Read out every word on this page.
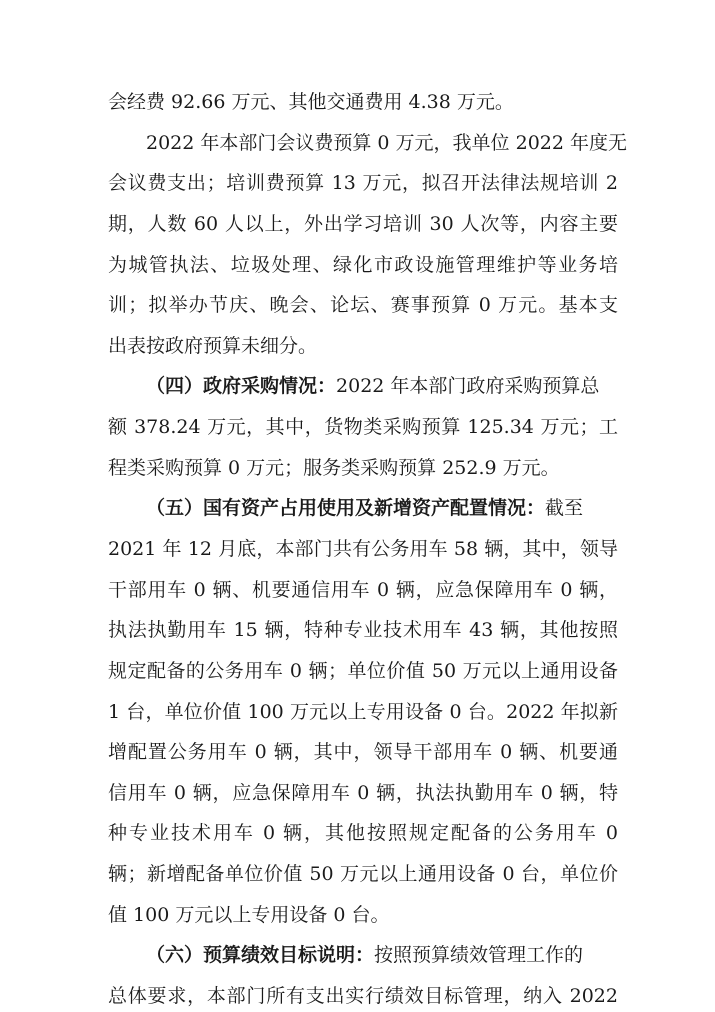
会经费 92.66 万元、其他交通费用 4.38 万元。
2022 年本部门会议费预算 0 万元，我单位 2022 年度无
会议费支出；培训费预算 13 万元，拟召开法律法规培训 2
期，人数 60 人以上，外出学习培训 30 人次等，内容主要
为城管执法、垃圾处理、绿化市政设施管理维护等业务培
训；拟举办节庆、晚会、论坛、赛事预算 0 万元。基本支
出表按政府预算未细分。
（四）政府采购情况：2022 年本部门政府采购预算总
额 378.24 万元，其中，货物类采购预算 125.34 万元；工
程类采购预算 0 万元；服务类采购预算 252.9 万元。
（五）国有资产占用使用及新增资产配置情况：截至
2021 年 12 月底，本部门共有公务用车 58 辆，其中，领导
干部用车 0 辆、机要通信用车 0 辆，应急保障用车 0 辆，
执法执勤用车 15 辆，特种专业技术用车 43 辆，其他按照
规定配备的公务用车 0 辆；单位价值 50 万元以上通用设备
1 台，单位价值 100 万元以上专用设备 0 台。2022 年拟新
增配置公务用车 0 辆，其中，领导干部用车 0 辆、机要通
信用车 0 辆，应急保障用车 0 辆，执法执勤用车 0 辆，特
种专业技术用车 0 辆，其他按照规定配备的公务用车 0
辆；新增配备单位价值 50 万元以上通用设备 0 台，单位价
值 100 万元以上专用设备 0 台。
（六）预算绩效目标说明：按照预算绩效管理工作的
总体要求，本部门所有支出实行绩效目标管理，纳入 2022
